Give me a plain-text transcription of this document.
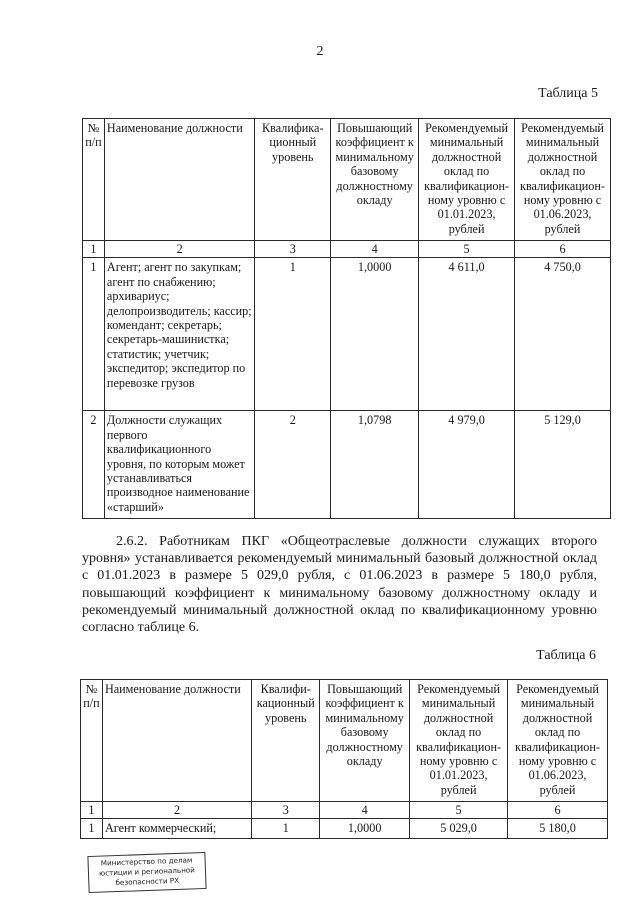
2
Таблица 5
№ п/п	Наименование должности	Квалифика-ционный уровень	Повышающий коэффициент к минимальному базовому должностному окладу	Рекомендуемый минимальный должностной оклад по квалификацион-ному уровню с 01.01.2023, рублей	Рекомендуемый минимальный должностной оклад по квалификацион-ному уровню с 01.06.2023, рублей
1	2	3	4	5	6
1	Агент; агент по закупкам; агент по снабжению; архивариус; делопроизводитель; кассир; комендант; секретарь; секретарь-машинистка; статистик; учетчик; экспедитор; экспедитор по перевозке грузов	1	1,0000	4 611,0	4 750,0
2	Должности служащих первого квалификационного уровня, по которым может устанавливаться производное наименование «старший»	2	1,0798	4 979,0	5 129,0
2.6.2. Работникам ПКГ «Общеотраслевые должности служащих второго уровня» устанавливается рекомендуемый минимальный базовый должностной оклад с 01.01.2023 в размере 5 029,0 рубля, с 01.06.2023 в размере 5 180,0 рубля, повышающий коэффициент к минимальному базовому должностному окладу и рекомендуемый минимальный должностной оклад по квалификационному уровню согласно таблице 6.
Таблица 6
№ п/п	Наименование должности	Квалифи-кационный уровень	Повышающий коэффициент к минимальному базовому должностному окладу	Рекомендуемый минимальный должностной оклад по квалификацион-ному уровню с 01.01.2023, рублей	Рекомендуемый минимальный должностной оклад по квалификацион-ному уровню с 01.06.2023, рублей
1	2	3	4	5	6
1	Агент коммерческий;	1	1,0000	5 029,0	5 180,0
Министерство по делам юстиции и региональной безопасности РХ
